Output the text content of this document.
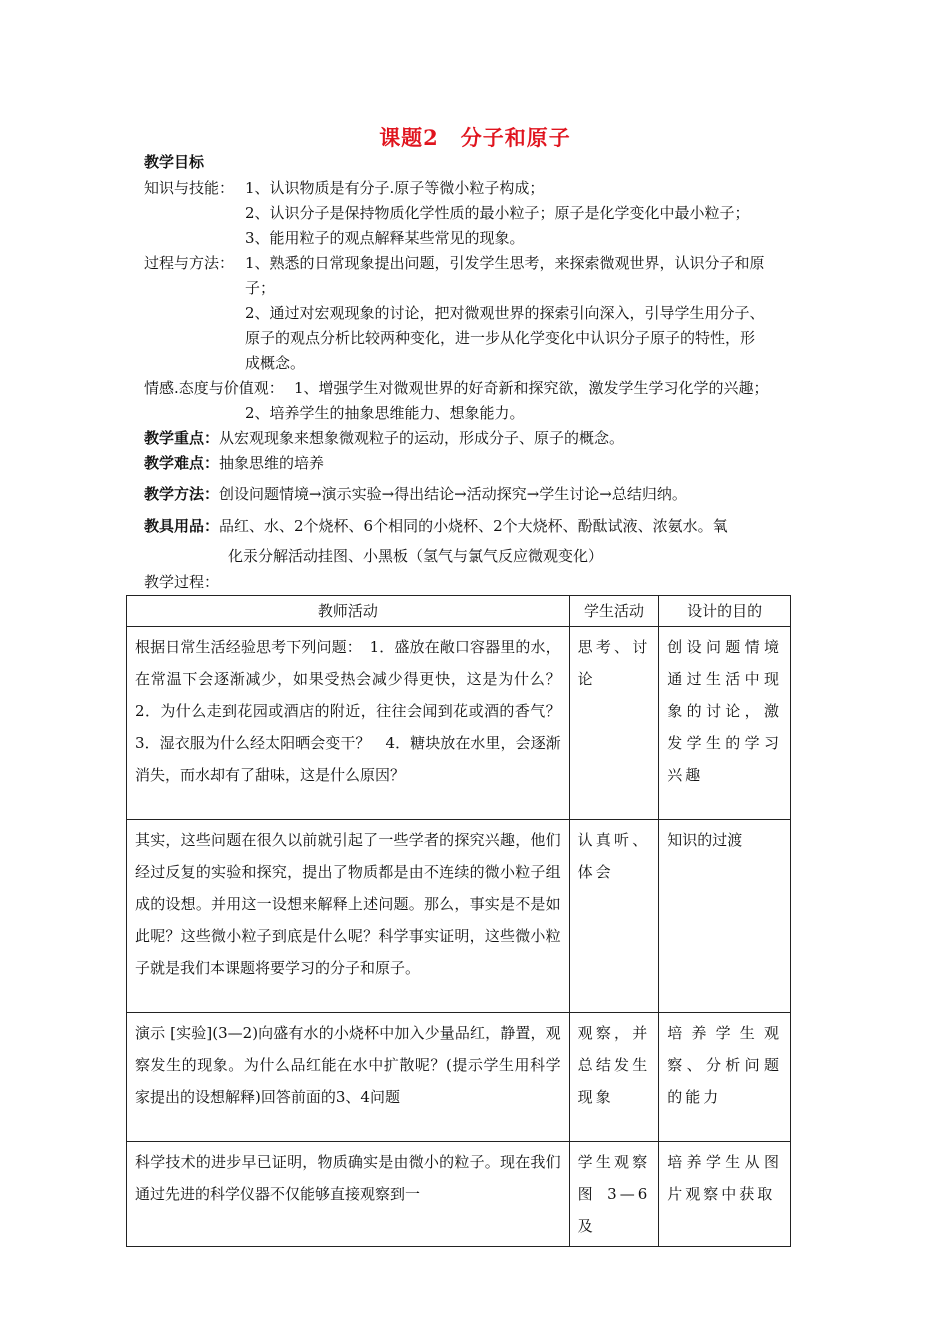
课题2　分子和原子
教学目标
知识与技能： 1、认识物质是有分子.原子等微小粒子构成；
2、认识分子是保持物质化学性质的最小粒子；原子是化学变化中最小粒子；
3、能用粒子的观点解释某些常见的现象。
过程与方法： 1、熟悉的日常现象提出问题，引发学生思考，来探索微观世界，认识分子和原
子；
2、通过对宏观现象的讨论，把对微观世界的探索引向深入，引导学生用分子、
原子的观点分析比较两种变化，进一步从化学变化中认识分子原子的特性，形
成概念。
情感.态度与价值观： 1、增强学生对微观世界的好奇新和探究欲，激发学生学习化学的兴趣；
2、培养学生的抽象思维能力、想象能力。
教学重点：从宏观现象来想象微观粒子的运动，形成分子、原子的概念。
教学难点：抽象思维的培养
教学方法：创设问题情境→演示实验→得出结论→活动探究→学生讨论→总结归纳。
教具用品：品红、水、2个烧杯、6个相同的小烧杯、2个大烧杯、酚酞试液、浓氨水。氧
化汞分解活动挂图、小黑板（氢气与氯气反应微观变化）
教学过程：
教师活动	学生活动	设计的目的
根据日常生活经验思考下列问题：　1．盛放在敞口容器里的水，在常温下会逐渐减少，如果受热会减少得更快，这是为什么？　2．为什么走到花园或酒店的附近，往往会闻到花或酒的香气？　3．湿衣服为什么经太阳晒会变干？　4．糖块放在水里，会逐渐消失，而水却有了甜味，这是什么原因？	思考、讨论	创设问题情境通过生活中现象的讨论，激发学生的学习兴趣
其实，这些问题在很久以前就引起了一些学者的探究兴趣，他们经过反复的实验和探究，提出了物质都是由不连续的微小粒子组成的设想。并用这一设想来解释上述问题。那么，事实是不是如此呢？这些微小粒子到底是什么呢？科学事实证明，这些微小粒子就是我们本课题将要学习的分子和原子。	认真听、体会	知识的过渡
演示 [实验](3—2)向盛有水的小烧杯中加入少量品红，静置，观察发生的现象。为什么品红能在水中扩散呢？(提示学生用科学家提出的设想解释)回答前面的3、4问题	观察，并总结发生现象	培养学生观察、分析问题的能力
科学技术的进步早已证明，物质确实是由微小的粒子。现在我们通过先进的科学仪器不仅能够直接观察到一	学生观察图 3—6 及	培养学生从图片观察中获取
